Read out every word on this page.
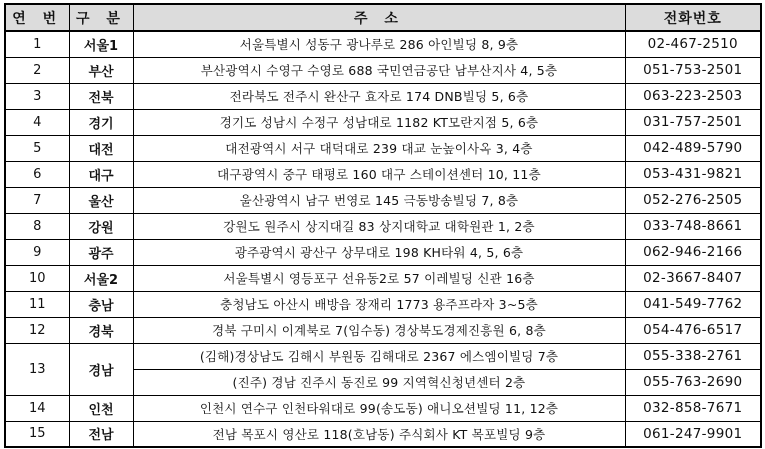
연 번	구 분	주 소	전화번호
1	서울1	서울특별시 성동구 광나루로 286 아인빌딩 8, 9층	02-467-2510
2	부산	부산광역시 수영구 수영로 688 국민연금공단 남부산지사 4, 5층	051-753-2501
3	전북	전라북도 전주시 완산구 효자로 174 DNB빌딩 5, 6층	063-223-2503
4	경기	경기도 성남시 수정구 성남대로 1182 KT모란지점 5, 6층	031-757-2501
5	대전	대전광역시 서구 대덕대로 239 대교 눈높이사옥 3, 4층	042-489-5790
6	대구	대구광역시 중구 태평로 160 대구 스테이션센터 10, 11층	053-431-9821
7	울산	울산광역시 남구 번영로 145 극동방송빌딩 7, 8층	052-276-2505
8	강원	강원도 원주시 상지대길 83 상지대학교 대학원관 1, 2층	033-748-8661
9	광주	광주광역시 광산구 상무대로 198 KH타워 4, 5, 6층	062-946-2166
10	서울2	서울특별시 영등포구 선유동2로 57 이레빌딩 신관 16층	02-3667-8407
11	충남	충청남도 아산시 배방읍 장재리 1773 용주프라자 3~5층	041-549-7762
12	경북	경북 구미시 이계북로 7(임수동) 경상북도경제진흥원 6, 8층	054-476-6517
13	경남	(김해)경상남도 김해시 부원동 김해대로 2367 에스엠이빌딩 7층	055-338-2761
		(진주) 경남 진주시 동진로 99 지역혁신청년센터 2층	055-763-2690
14	인천	인천시 연수구 인천타워대로 99(송도동) 애니오션빌딩 11, 12층	032-858-7671
15	전남	전남 목포시 영산로 118(호남동) 주식회사 KT 목포빌딩 9층	061-247-9901
